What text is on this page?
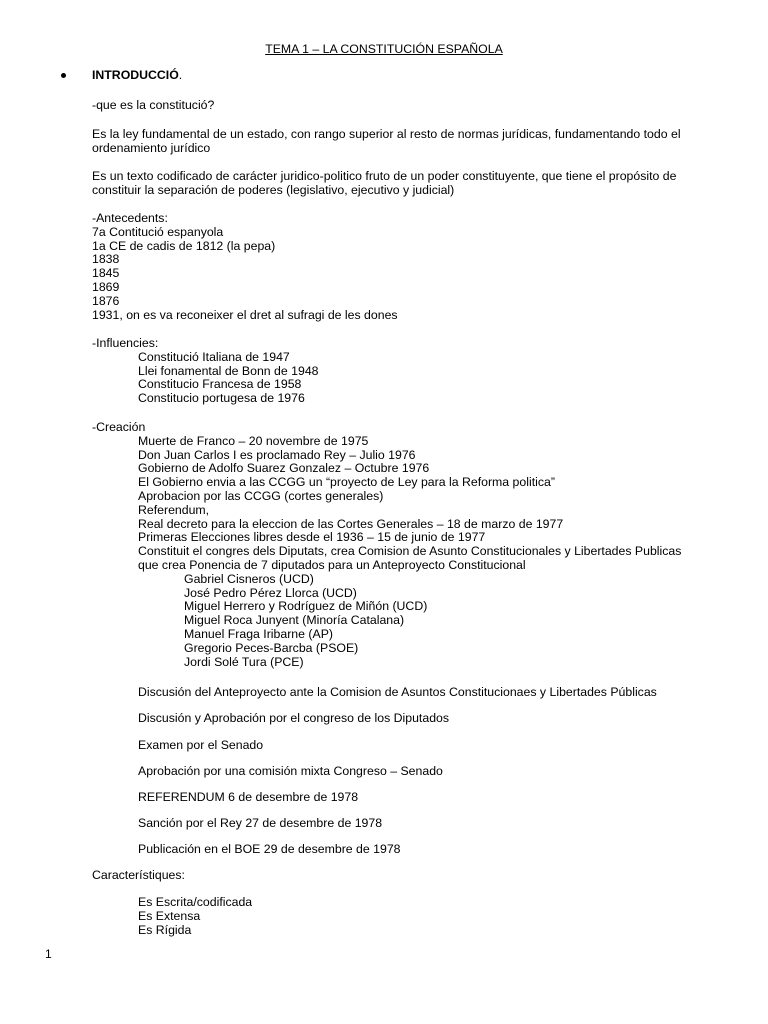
TEMA 1 – LA CONSTITUCIÓN ESPAÑOLA
INTRODUCCIÓ.
-que es la constitució?
Es la ley fundamental de un estado, con rango superior al resto de normas jurídicas, fundamentando todo el
ordenamiento jurídico
Es un texto codificado de carácter juridico-politico fruto de un poder constituyente, que tiene el propósito de
constituir la separación de poderes (legislativo, ejecutivo y judicial)
-Antecedents:
7a Contitució espanyola
1a CE de cadis de 1812 (la pepa)
1838
1845
1869
1876
1931, on es va reconeixer el dret al sufragi de les dones
-Influencies:
Constitució Italiana de 1947
Llei fonamental de Bonn de 1948
Constitucio Francesa de 1958
Constitucio portugesa de 1976
-Creación
Muerte de Franco – 20 novembre de 1975
Don Juan Carlos I es proclamado Rey – Julio 1976
Gobierno de Adolfo Suarez Gonzalez – Octubre 1976
El Gobierno envia a las CCGG un “proyecto de Ley para la Reforma politica”
Aprobacion por las CCGG (cortes generales)
Referendum,
Real decreto para la eleccion de las Cortes Generales – 18 de marzo de 1977
Primeras Elecciones libres desde el 1936 – 15 de junio de 1977
Constituit el congres dels Diputats, crea Comision de Asunto Constitucionales y Libertades Publicas
que crea Ponencia de 7 diputados para un Anteproyecto Constitucional
Gabriel Cisneros (UCD)
José Pedro Pérez Llorca (UCD)
Miguel Herrero y Rodríguez de Miñón (UCD)
Miguel Roca Junyent (Minoría Catalana)
Manuel Fraga Iribarne (AP)
Gregorio Peces-Barcba (PSOE)
Jordi Solé Tura (PCE)
Discusión del Anteproyecto ante la Comision de Asuntos Constitucionaes y Libertades Públicas
Discusión y Aprobación por el congreso de los Diputados
Examen por el Senado
Aprobación por una comisión mixta Congreso – Senado
REFERENDUM 6 de desembre de 1978
Sanción por el Rey 27 de desembre de 1978
Publicación en el BOE 29 de desembre de 1978
Característiques:
Es Escrita/codificada
Es Extensa
Es Rígida
1
